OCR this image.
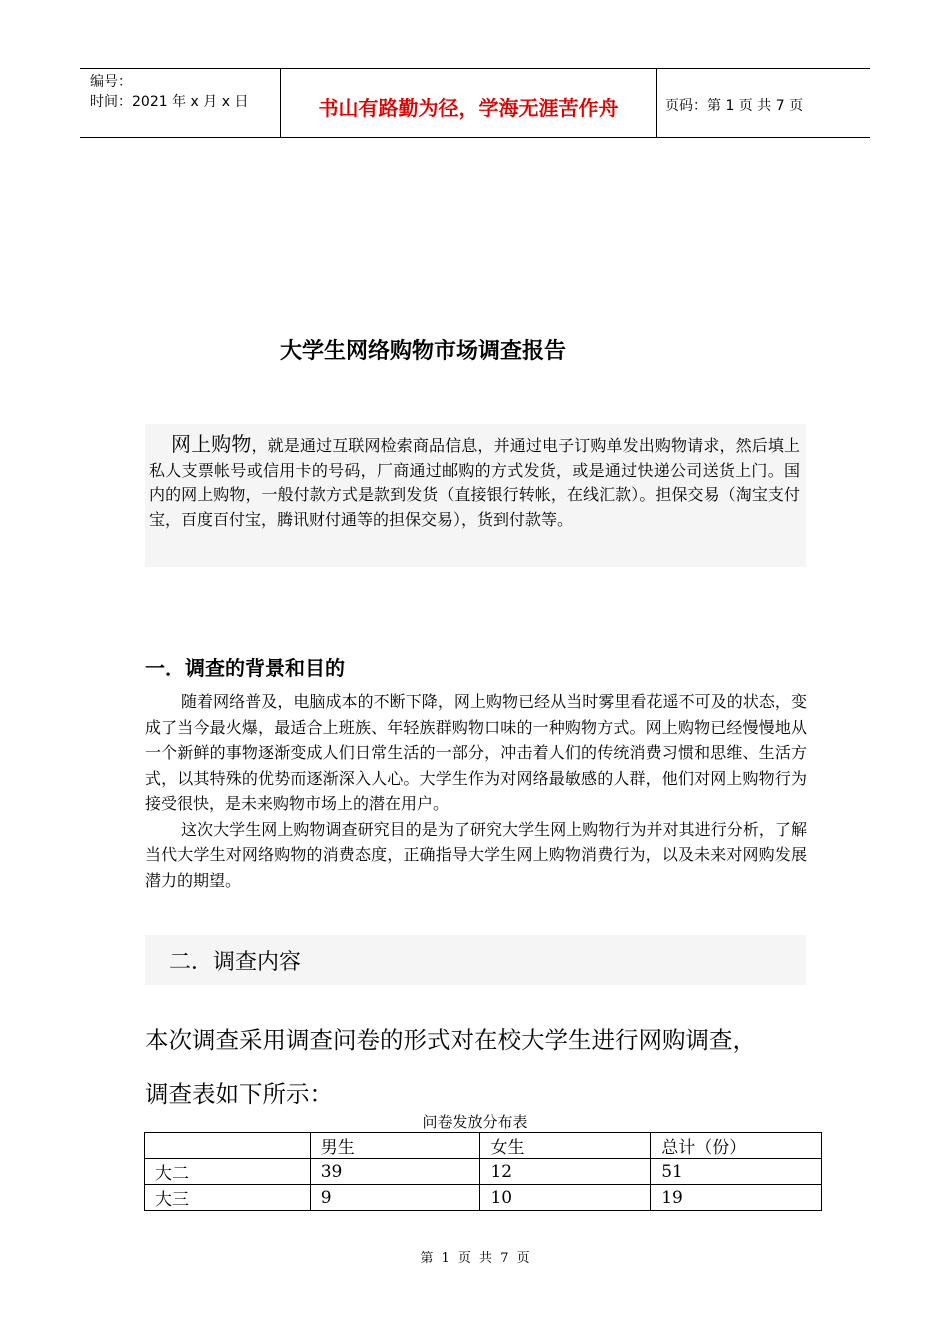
编号：
时间：2021 年 x 月 x 日	书山有路勤为径，学海无涯苦作舟	页码：第 1 页 共 7 页
大学生网络购物市场调查报告

网上购物，就是通过互联网检索商品信息，并通过电子订购单发出购物请求，然后填上私人支票帐号或信用卡的号码，厂商通过邮购的方式发货，或是通过快递公司送货上门。国内的网上购物，一般付款方式是款到发货（直接银行转帐，在线汇款）。担保交易（淘宝支付宝，百度百付宝，腾讯财付通等的担保交易），货到付款等。

一．调查的背景和目的

随着网络普及，电脑成本的不断下降，网上购物已经从当时雾里看花遥不可及的状态，变成了当今最火爆，最适合上班族、年轻族群购物口味的一种购物方式。网上购物已经慢慢地从一个新鲜的事物逐渐变成人们日常生活的一部分，冲击着人们的传统消费习惯和思维、生活方式，以其特殊的优势而逐渐深入人心。大学生作为对网络最敏感的人群，他们对网上购物行为接受很快，是未来购物市场上的潜在用户。

这次大学生网上购物调查研究目的是为了研究大学生网上购物行为并对其进行分析，了解当代大学生对网络购物的消费态度，正确指导大学生网上购物消费行为，以及未来对网购发展潜力的期望。

二．调查内容

本次调查采用调查问卷的形式对在校大学生进行网购调查，

调查表如下所示：

问卷发放分布表
	男生	女生	总计（份）
大二	39	12	51
大三	9	10	19
第 1 页 共 7 页
